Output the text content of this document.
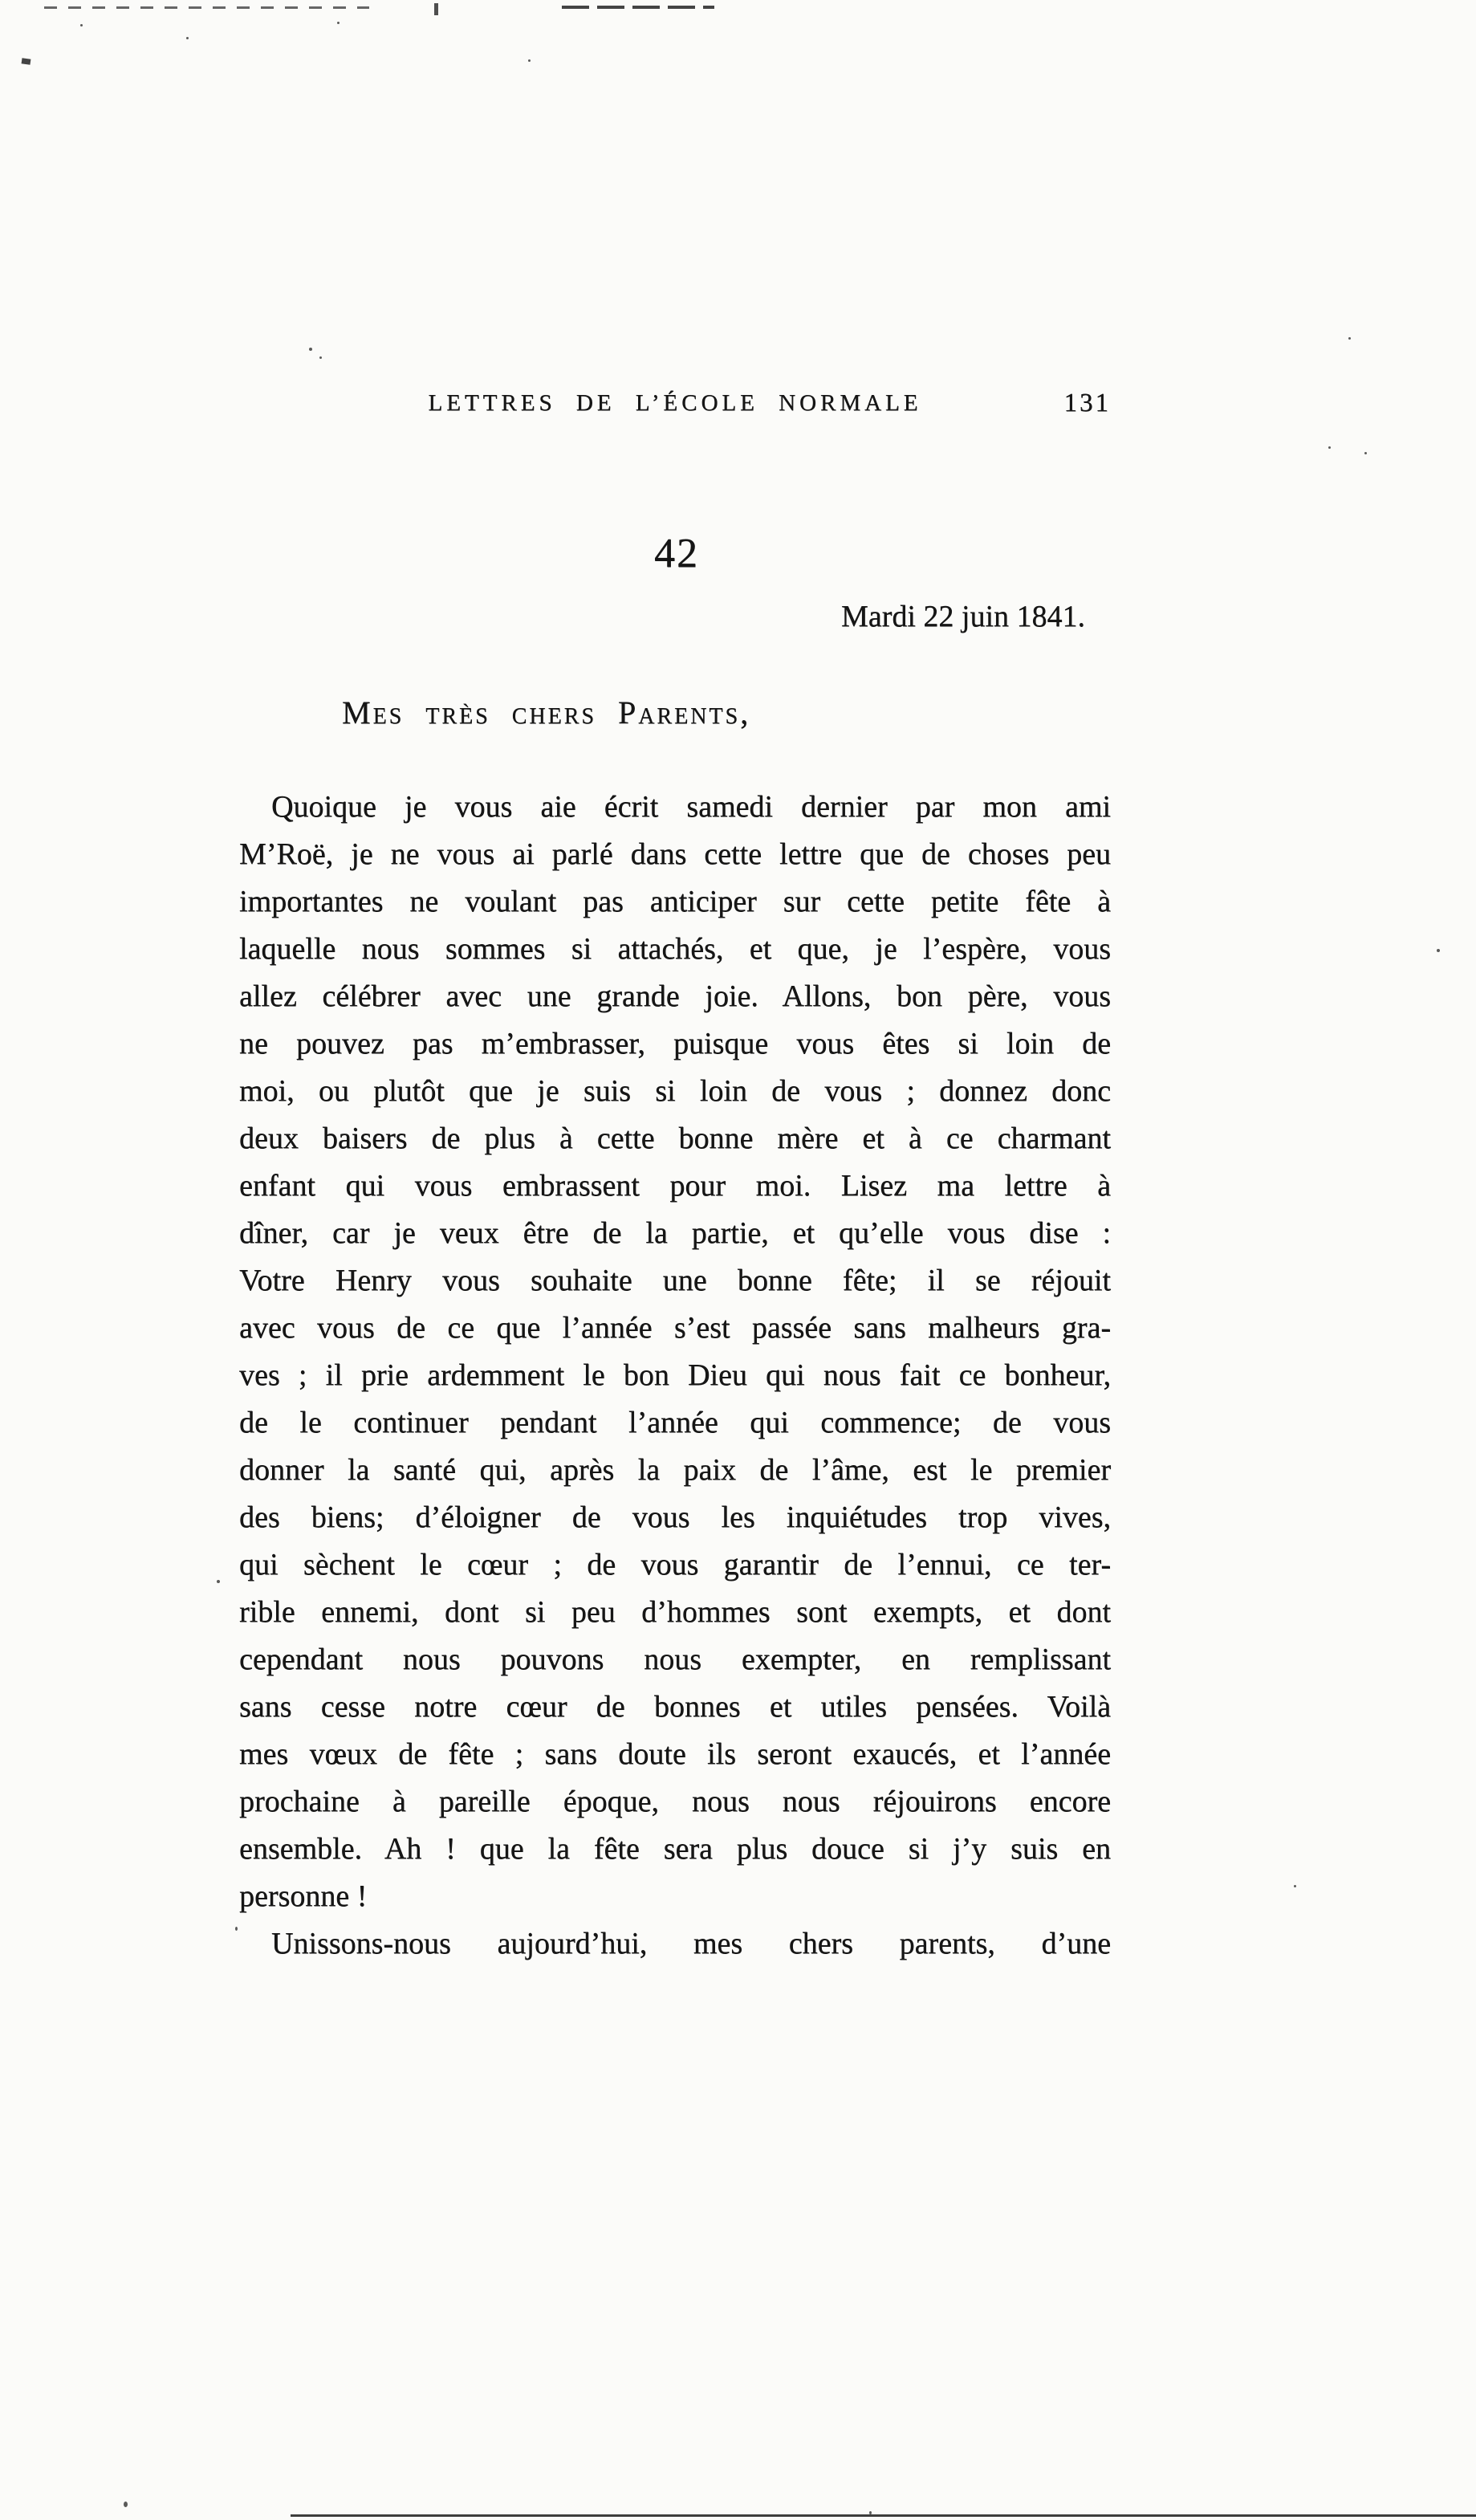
LETTRES DE L’ÉCOLE NORMALE	131
42
Mardi 22 juin 1841.
Mes très chers Parents,
Quoique je vous aie écrit samedi dernier par mon ami
M’Roë, je ne vous ai parlé dans cette lettre que de choses peu
importantes ne voulant pas anticiper sur cette petite fête à
laquelle nous sommes si attachés, et que, je l’espère, vous
allez célébrer avec une grande joie. Allons, bon père, vous
ne pouvez pas m’embrasser, puisque vous êtes si loin de
moi, ou plutôt que je suis si loin de vous ; donnez donc
deux baisers de plus à cette bonne mère et à ce charmant
enfant qui vous embrassent pour moi. Lisez ma lettre à
dîner, car je veux être de la partie, et qu’elle vous dise :
Votre Henry vous souhaite une bonne fête; il se réjouit
avec vous de ce que l’année s’est passée sans malheurs gra-
ves ; il prie ardemment le bon Dieu qui nous fait ce bonheur,
de le continuer pendant l’année qui commence; de vous
donner la santé qui, après la paix de l’âme, est le premier
des biens; d’éloigner de vous les inquiétudes trop vives,
qui sèchent le cœur ; de vous garantir de l’ennui, ce ter-
rible ennemi, dont si peu d’hommes sont exempts, et dont
cependant nous pouvons nous exempter, en remplissant
sans cesse notre cœur de bonnes et utiles pensées. Voilà
mes vœux de fête ; sans doute ils seront exaucés, et l’année
prochaine à pareille époque, nous nous réjouirons encore
ensemble. Ah ! que la fête sera plus douce si j’y suis en
personne !
Unissons-nous aujourd’hui, mes chers parents, d’une
